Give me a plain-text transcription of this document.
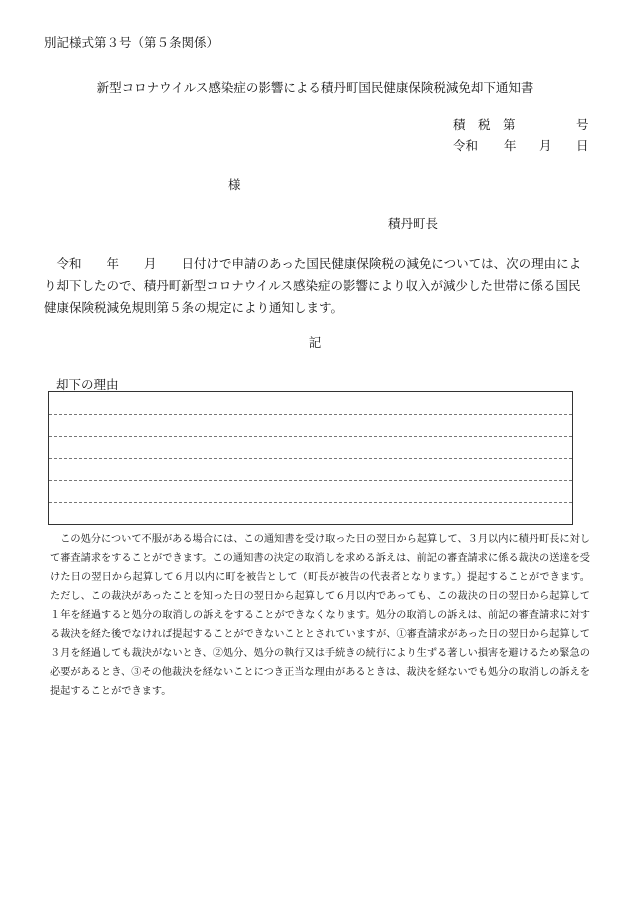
別記様式第３号（第５条関係）
新型コロナウイルス感染症の影響による積丹町国民健康保険税減免却下通知書
積 税 第	号
令和 年 月 日
様
積丹町長
令和　　年　　月　　日付けで申請のあった国民健康保険税の減免については、次の理由により却下したので、積丹町新型コロナウイルス感染症の影響により収入が減少した世帯に係る国民健康保険税減免規則第５条の規定により通知します。
記
却下の理由
この処分について不服がある場合には、この通知書を受け取った日の翌日から起算して、３月以内に積丹町長に対して審査請求をすることができます。この通知書の決定の取消しを求める訴えは、前記の審査請求に係る裁決の送達を受けた日の翌日から起算して６月以内に町を被告として（町長が被告の代表者となります。）提起することができます。ただし、この裁決があったことを知った日の翌日から起算して６月以内であっても、この裁決の日の翌日から起算して１年を経過すると処分の取消しの訴えをすることができなくなります。処分の取消しの訴えは、前記の審査請求に対する裁決を経た後でなければ提起することができないこととされていますが、①審査請求があった日の翌日から起算して３月を経過しても裁決がないとき、②処分、処分の執行又は手続きの続行により生ずる著しい損害を避けるため緊急の必要があるとき、③その他裁決を経ないことにつき正当な理由があるときは、裁決を経ないでも処分の取消しの訴えを提起することができます。
